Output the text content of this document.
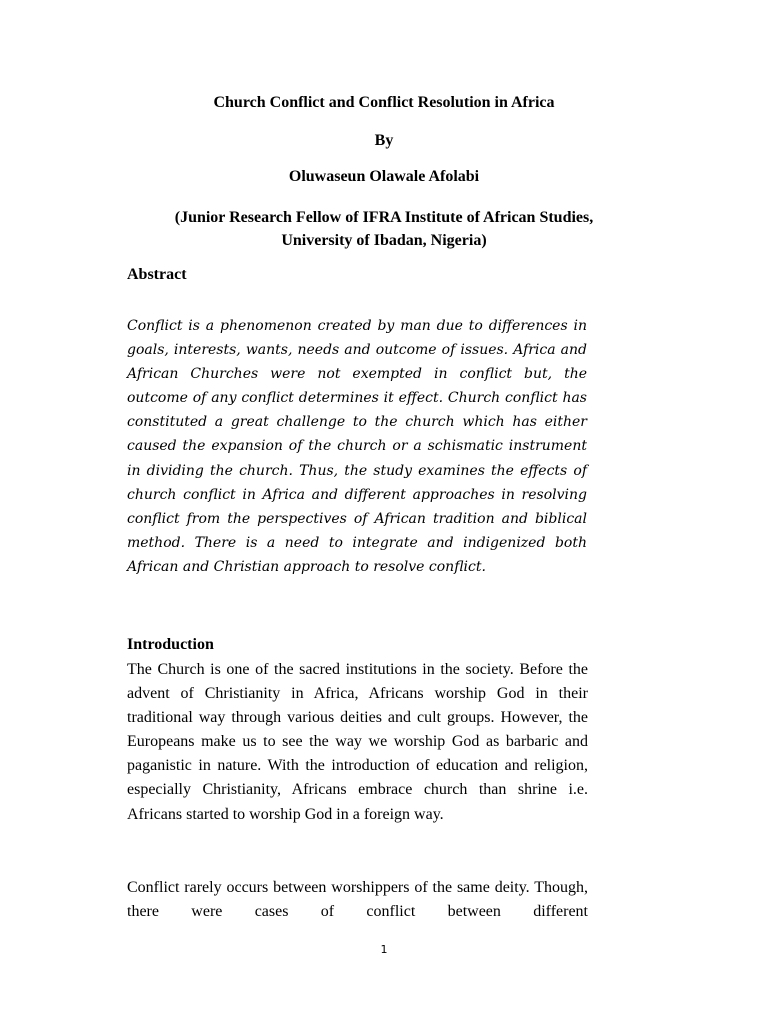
Church Conflict and Conflict Resolution in Africa
By
Oluwaseun Olawale Afolabi
(Junior Research Fellow of IFRA Institute of African Studies,
University of Ibadan, Nigeria)
Abstract

Conflict is a phenomenon created by man due to differences in goals, interests, wants, needs and outcome of issues. Africa and African Churches were not exempted in conflict but, the outcome of any conflict determines it effect. Church conflict has constituted a great challenge to the church which has either caused the expansion of the church or a schismatic instrument in dividing the church. Thus, the study examines the effects of church conflict in Africa and different approaches in resolving conflict from the perspectives of African tradition and biblical method. There is a need to integrate and indigenized both African and Christian approach to resolve conflict.

Introduction

The Church is one of the sacred institutions in the society. Before the advent of Christianity in Africa, Africans worship God in their traditional way through various deities and cult groups. However, the Europeans make us to see the way we worship God as barbaric and paganistic in nature. With the introduction of education and religion, especially Christianity, Africans embrace church than shrine i.e. Africans started to worship God in a foreign way.

Conflict rarely occurs between worshippers of the same deity. Though, there were cases of conflict between different

1
